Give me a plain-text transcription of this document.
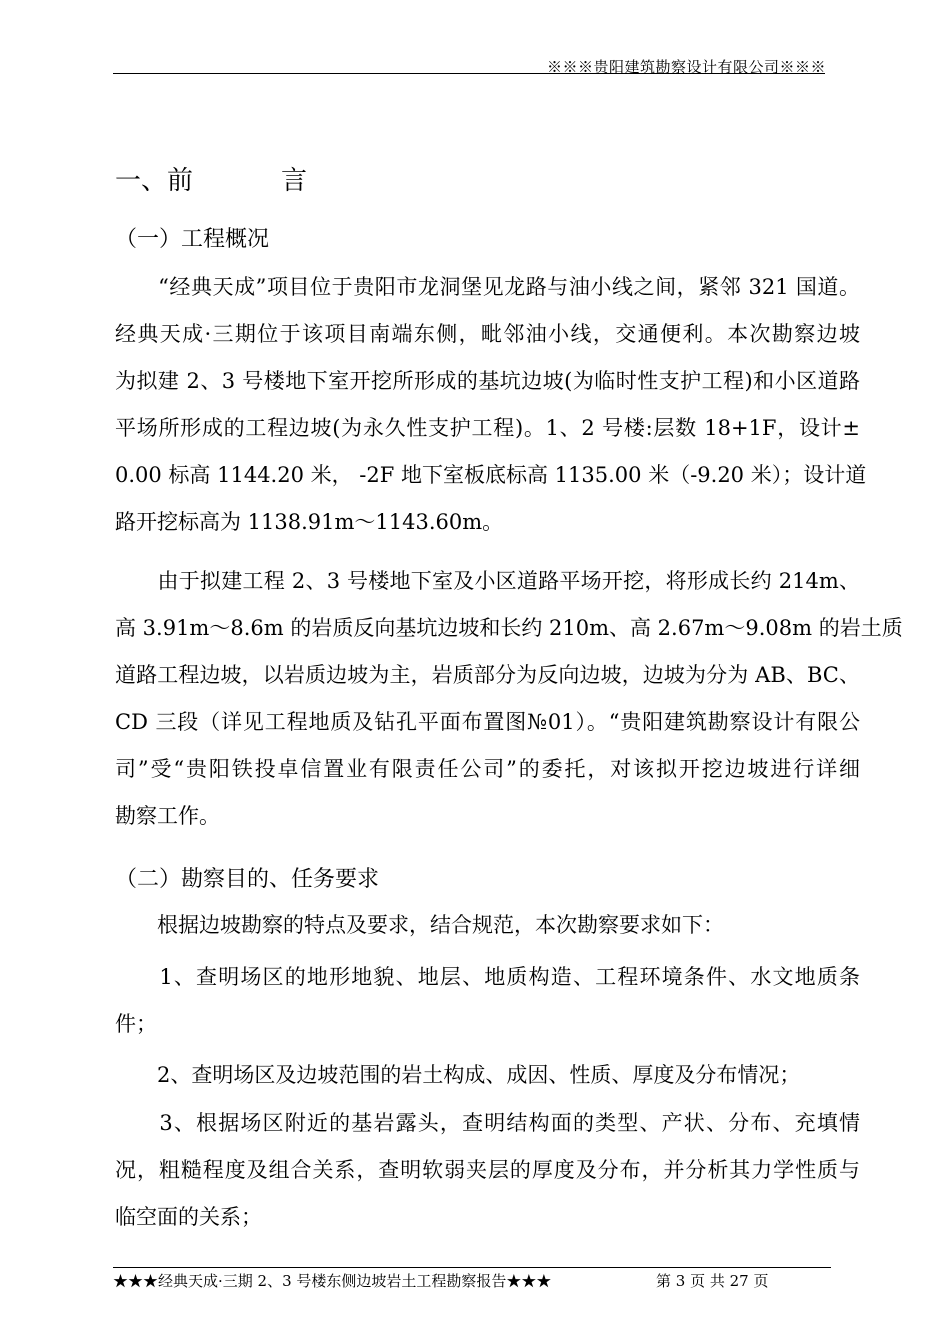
※※※贵阳建筑勘察设计有限公司※※※
一、前	言
（一）工程概况
　　“经典天成”项目位于贵阳市龙洞堡见龙路与油小线之间，紧邻 321 国道。
经典天成·三期位于该项目南端东侧，毗邻油小线，交通便利。本次勘察边坡
为拟建 2、3 号楼地下室开挖所形成的基坑边坡(为临时性支护工程)和小区道路
平场所形成的工程边坡(为永久性支护工程)。1、2 号楼:层数 18+1F，设计±
0.00 标高 1144.20 米， -2F 地下室板底标高 1135.00 米（-9.20 米）；设计道
路开挖标高为 1138.91m～1143.60m。
　　由于拟建工程 2、3 号楼地下室及小区道路平场开挖，将形成长约 214m、
高 3.91m～8.6m 的岩质反向基坑边坡和长约 210m、高 2.67m～9.08m 的岩土质
道路工程边坡，以岩质边坡为主，岩质部分为反向边坡，边坡为分为 AB、BC、
CD 三段（详见工程地质及钻孔平面布置图№01）。“贵阳建筑勘察设计有限公
司”受“贵阳铁投卓信置业有限责任公司”的委托，对该拟开挖边坡进行详细
勘察工作。
（二）勘察目的、任务要求
　　根据边坡勘察的特点及要求，结合规范，本次勘察要求如下：
　　1、查明场区的地形地貌、地层、地质构造、工程环境条件、水文地质条
件；
　　2、查明场区及边坡范围的岩土构成、成因、性质、厚度及分布情况；
　　3、根据场区附近的基岩露头，查明结构面的类型、产状、分布、充填情
况，粗糙程度及组合关系，查明软弱夹层的厚度及分布，并分析其力学性质与
临空面的关系；
★★★经典天成·三期 2、3 号楼东侧边坡岩土工程勘察报告★★★	第 3 页 共 27 页
